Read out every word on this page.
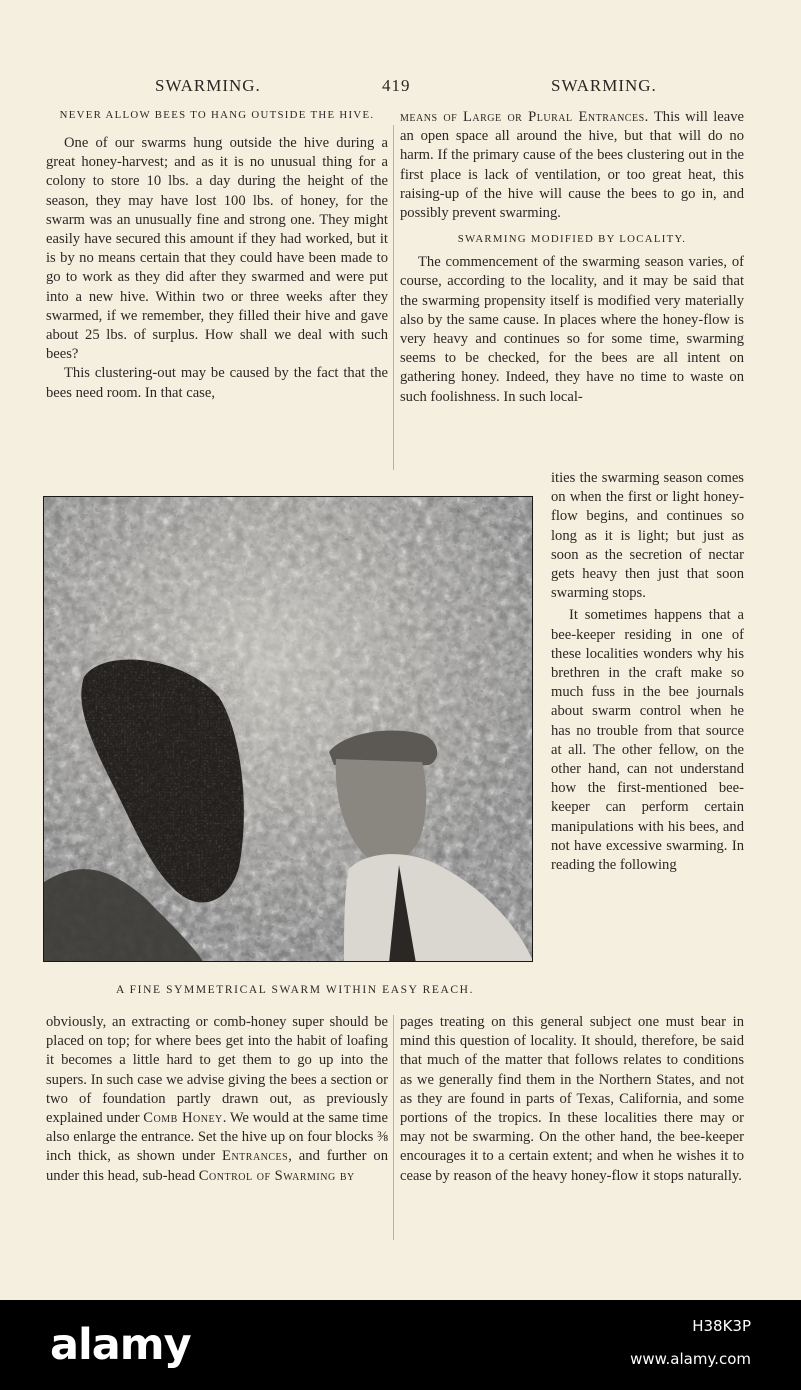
SWARMING.	419	SWARMING.
NEVER ALLOW BEES TO HANG OUTSIDE THE HIVE.

One of our swarms hung outside the hive during a great honey-harvest; and as it is no unusual thing for a colony to store 10 lbs. a day during the height of the season, they may have lost 100 lbs. of honey, for the swarm was an unusually fine and strong one. They might easily have secured this amount if they had worked, but it is by no means certain that they could have been made to go to work as they did after they swarmed and were put into a new hive. Within two or three weeks after they swarmed, if we remember, they filled their hive and gave about 25 lbs. of surplus. How shall we deal with such bees?

This clustering-out may be caused by the fact that the bees need room. In that case,

means of Large or Plural Entrances. This will leave an open space all around the hive, but that will do no harm. If the primary cause of the bees clustering out in the first place is lack of ventilation, or too great heat, this raising-up of the hive will cause the bees to go in, and possibly prevent swarming.

SWARMING MODIFIED BY LOCALITY.

The commencement of the swarming season varies, of course, according to the locality, and it may be said that the swarming propensity itself is modified very materially also by the same cause. In places where the honey-flow is very heavy and continues so for some time, swarming seems to be checked, for the bees are all intent on gathering honey. Indeed, they have no time to waste on such foolishness. In such local-

ities the swarming season comes on when the first or light honey-flow begins, and continues so long as it is light; but just as soon as the secretion of nectar gets heavy then just that soon swarming stops.

It sometimes happens that a bee-keeper residing in one of these localities wonders why his brethren in the craft make so much fuss in the bee journals about swarm control when he has no trouble from that source at all. The other fellow, on the other hand, can not understand how the first-mentioned bee-keeper can perform certain manipulations with his bees, and not have excessive swarming. In reading the following

A FINE SYMMETRICAL SWARM WITHIN EASY REACH.

obviously, an extracting or comb-honey super should be placed on top; for where bees get into the habit of loafing it becomes a little hard to get them to go up into the supers. In such case we advise giving the bees a section or two of foundation partly drawn out, as previously explained under Comb Honey. We would at the same time also enlarge the entrance. Set the hive up on four blocks ⅜ inch thick, as shown under Entrances, and further on under this head, sub-head Control of Swarming by

pages treating on this general subject one must bear in mind this question of locality. It should, therefore, be said that much of the matter that follows relates to conditions as we generally find them in the Northern States, and not as they are found in parts of Texas, California, and some portions of the tropics. In these localities there may or may not be swarming. On the other hand, the bee-keeper encourages it to a certain extent; and when he wishes it to cease by reason of the heavy honey-flow it stops naturally.

alamy	H38K3P
www.alamy.com
